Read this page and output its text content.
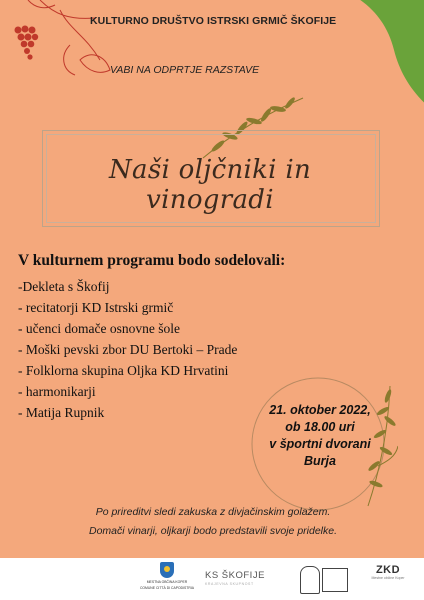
KULTURNO DRUŠTVO ISTRSKI GRMIČ ŠKOFIJE

VABI NA ODPRTJE RAZSTAVE

Naši oljčniki in vinogradi
V kulturnem programu bodo sodelovali:
-Dekleta s Škofij
- recitatorji KD Istrski grmič
- učenci domače osnovne šole
- Moški pevski zbor DU Bertoki – Prade
- Folklorna skupina Oljka KD Hrvatini
- harmonikarji
- Matija Rupnik	21. oktober 2022,
ob 18.00 uri
v športni dvorani
Burja
Po prireditvi sledi zakuska z divjačinskim golažem.
Domači vinarji, oljkarji bodo predstavili svoje pridelke.
MESTNA OBČINA KOPER
COMUNE CITTÀ DI CAPODISTRIA
KS ŠKOFIJE
KRAJEVNA SKUPNOST
ZKD
Mestne občine Koper
